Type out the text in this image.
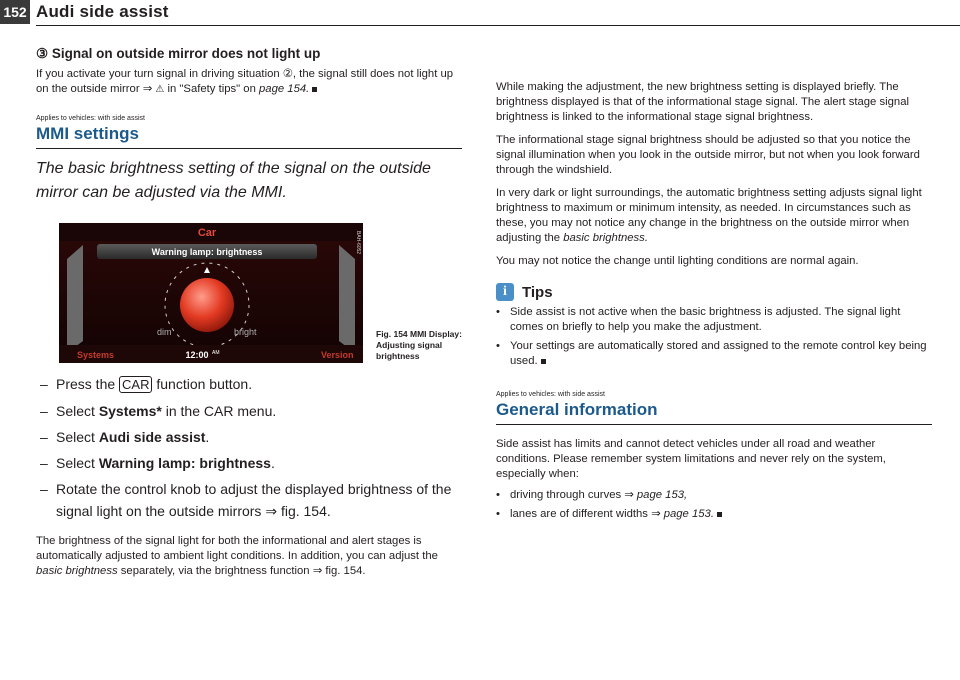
152 Audi side assist
③ Signal on outside mirror does not light up

If you activate your turn signal in driving situation ②, the signal still does not light up on the outside mirror ⇒ ⚠ in "Safety tips" on page 154.

Applies to vehicles: with side assist
MMI settings
The basic brightness setting of the signal on the outside mirror can be adjusted via the MMI.
Car
Warning lamp: brightness
dim	bright
Systems	12:00 AM	Version
BAH-6052
Fig. 154 MMI Display: Adjusting signal brightness
– Press the CAR function button.
– Select Systems* in the CAR menu.
– Select Audi side assist.
– Select Warning lamp: brightness.
– Rotate the control knob to adjust the displayed brightness of the signal light on the outside mirrors ⇒ fig. 154.

The brightness of the signal light for both the informational and alert stages is automatically adjusted to ambient light conditions. In addition, you can adjust the basic brightness separately, via the brightness function ⇒ fig. 154.

While making the adjustment, the new brightness setting is displayed briefly. The brightness displayed is that of the informational stage signal. The alert stage signal brightness is linked to the informational stage signal brightness.

The informational stage signal brightness should be adjusted so that you notice the signal illumination when you look in the outside mirror, but not when you look forward through the windshield.

In very dark or light surroundings, the automatic brightness setting adjusts signal light brightness to maximum or minimum intensity, as needed. In circumstances such as these, you may not notice any change in the brightness on the outside mirror when adjusting the basic brightness.

You may not notice the change until lighting conditions are normal again.

i	Tips
• Side assist is not active when the basic brightness is adjusted. The signal light comes on briefly to help you make the adjustment.
• Your settings are automatically stored and assigned to the remote control key being used.
Applies to vehicles: with side assist
General information

Side assist has limits and cannot detect vehicles under all road and weather conditions. Please remember system limitations and never rely on the system, especially when:

• driving through curves ⇒ page 153,
• lanes are of different widths ⇒ page 153.
